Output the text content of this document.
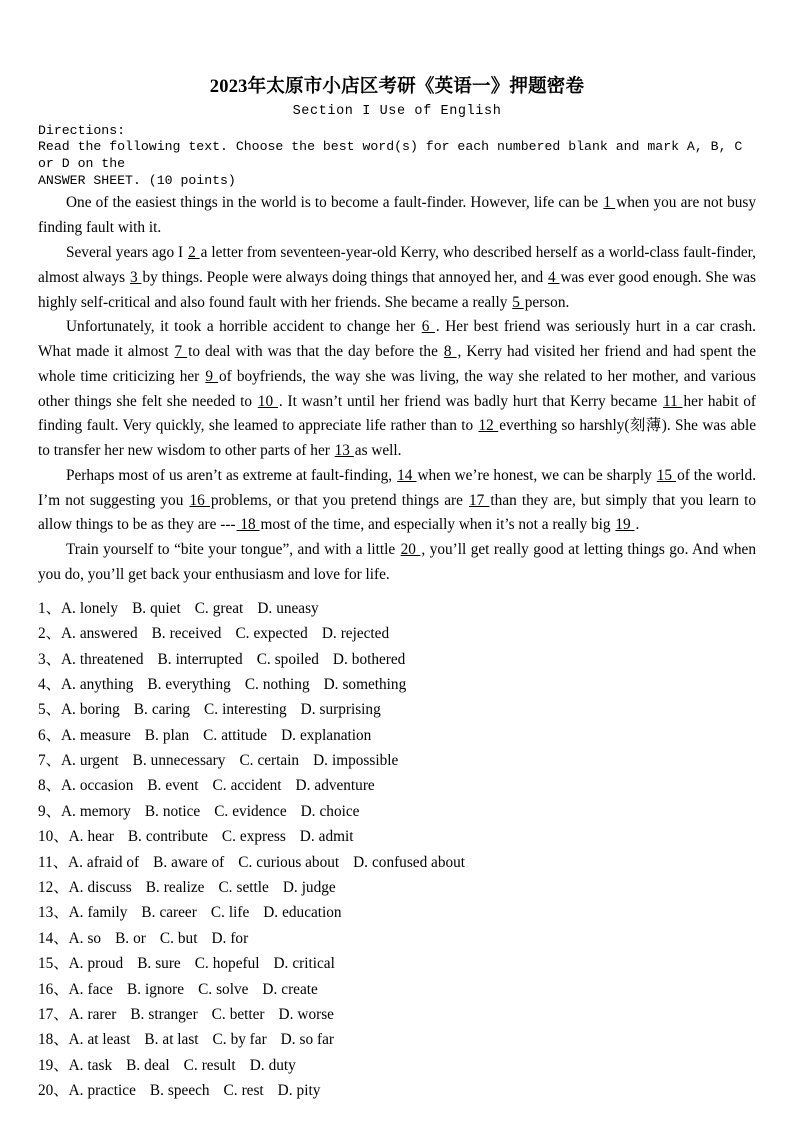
2023年太原市小店区考研《英语一》押题密卷
Section I Use of English

Directions:

Read the following text. Choose the best word(s) for each numbered blank and mark A, B, C or D on the
ANSWER SHEET. (10 points)

One of the easiest things in the world is to become a fault-finder. However, life can be 1 when you are not busy finding fault with it.

Several years ago I 2 a letter from seventeen-year-old Kerry, who described herself as a world-class fault-finder, almost always 3 by things. People were always doing things that annoyed her, and 4 was ever good enough. She was highly self-critical and also found fault with her friends. She became a really 5 person.

Unfortunately, it took a horrible accident to change her 6 . Her best friend was seriously hurt in a car crash. What made it almost 7 to deal with was that the day before the 8 , Kerry had visited her friend and had spent the whole time criticizing her 9 of boyfriends, the way she was living, the way she related to her mother, and various other things she felt she needed to 10 . It wasn’t until her friend was badly hurt that Kerry became 11 her habit of finding fault. Very quickly, she leamed to appreciate life rather than to 12 everthing so harshly(刻薄). She was able to transfer her new wisdom to other parts of her 13 as well.

Perhaps most of us aren’t as extreme at fault-finding, 14 when we’re honest, we can be sharply 15 of the world. I’m not suggesting you 16 problems, or that you pretend things are 17 than they are, but simply that you learn to allow things to be as they are --- 18 most of the time, and especially when it’s not a really big 19 .

Train yourself to “bite your tongue”, and with a little 20 , you’ll get really good at letting things go. And when you do, you’ll get back your enthusiasm and love for life.

1、A. lonely B. quiet C. great D. uneasy
2、A. answered B. received C. expected D. rejected
3、A. threatened B. interrupted C. spoiled D. bothered
4、A. anything B. everything C. nothing D. something
5、A. boring B. caring C. interesting D. surprising
6、A. measure B. plan C. attitude D. explanation
7、A. urgent B. unnecessary C. certain D. impossible
8、A. occasion B. event C. accident D. adventure
9、A. memory B. notice C. evidence D. choice
10、A. hear B. contribute C. express D. admit
11、A. afraid of B. aware of C. curious about D. confused about
12、A. discuss B. realize C. settle D. judge
13、A. family B. career C. life D. education
14、A. so B. or C. but D. for
15、A. proud B. sure C. hopeful D. critical
16、A. face B. ignore C. solve D. create
17、A. rarer B. stranger C. better D. worse
18、A. at least B. at last C. by far D. so far
19、A. task B. deal C. result D. duty
20、A. practice B. speech C. rest D. pity
